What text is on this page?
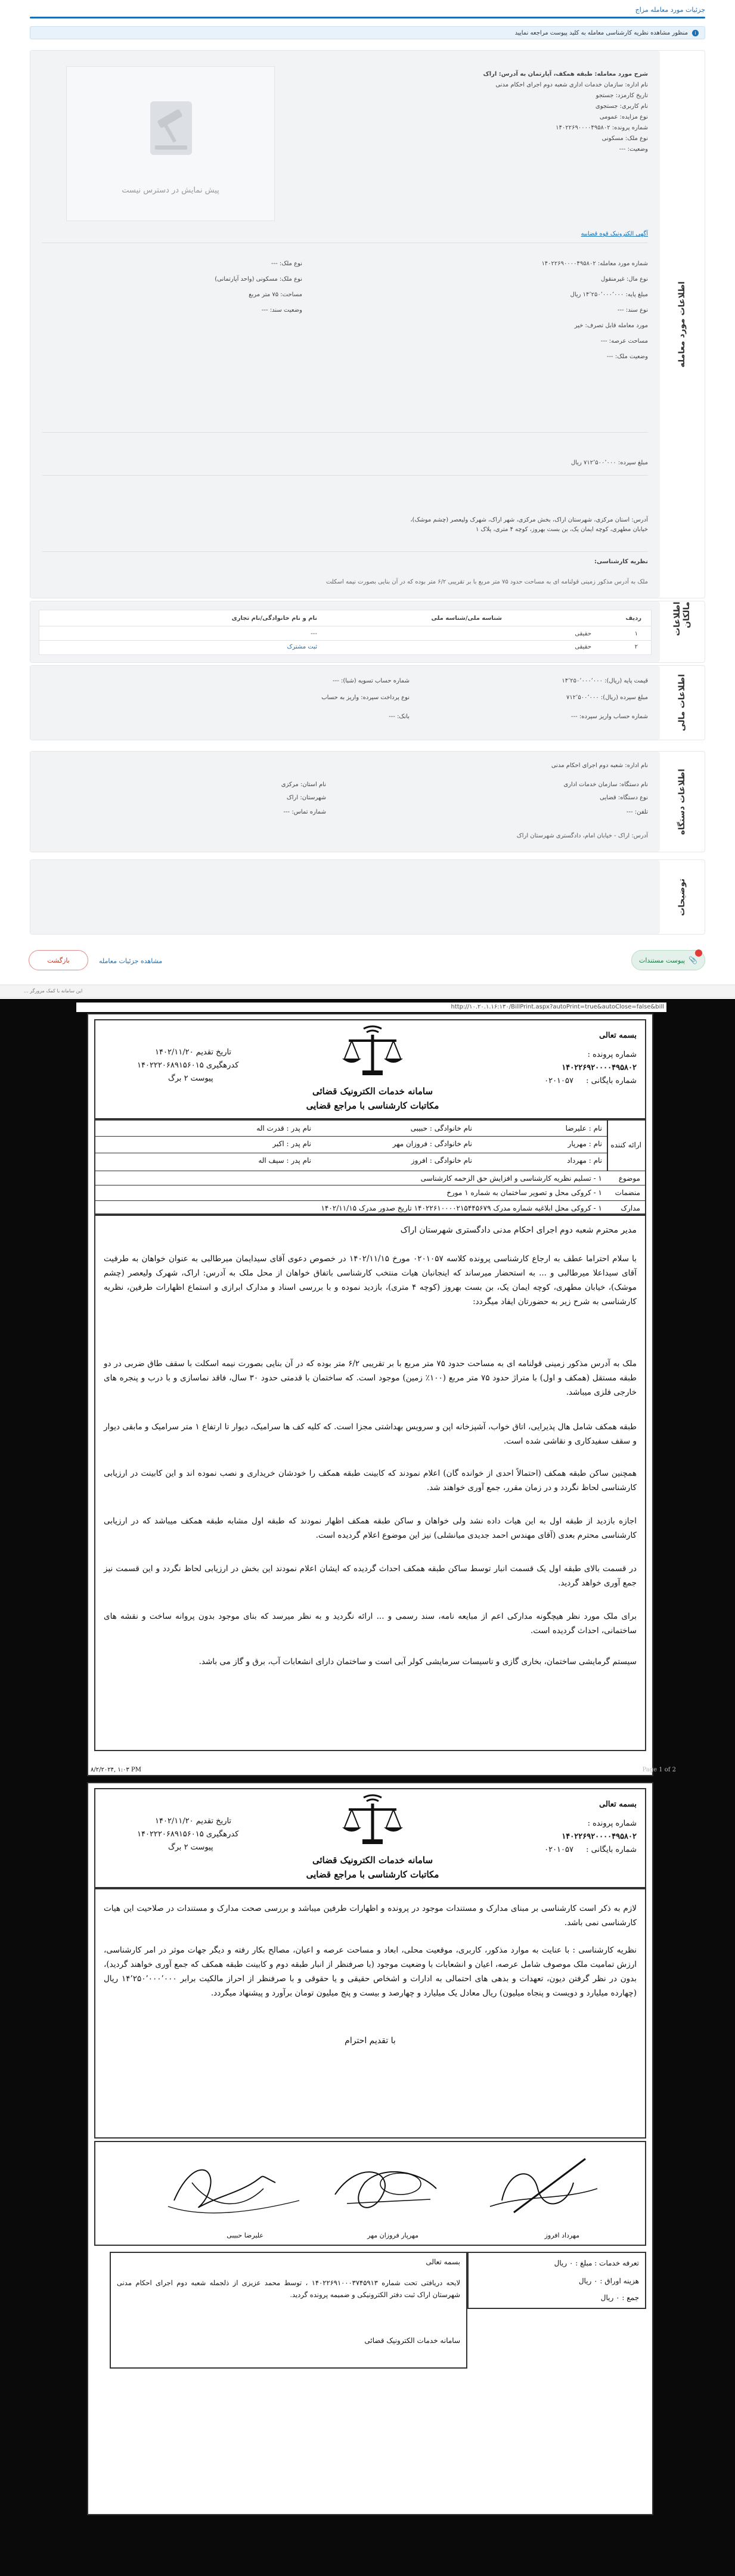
جزئیات مورد معامله مزاج
i
منظور مشاهده نظریه کارشناسی معامله به کلید پیوست مراجعه نمایید
اطلاعات مورد معامله
پیش نمایش در دسترس نیست
شرح مورد معامله: طبقه همکف، آپارتمان به آدرس: اراک
نام اداره: سازمان خدمات اداری شعبه دوم اجرای احکام مدنی
تاریخ کارمزد: جستجو
نام کاربری: جستجوی
نوع مزایده: عمومی
شماره پرونده: ۱۴۰۲۲۶۹۰۰۰۰۴۹۵۸۰۲
نوع ملک: مسکونی
وضعیت: ---
آگهی الکترونیک قوه قضاییه
شماره مورد معامله: ۱۴۰۲۲۶۹۰۰۰۰۴۹۵۸۰۲
نوع ملک: ---
نوع مال: غیرمنقول
نوع ملک: مسکونی (واحد آپارتمانی)
مبلغ پایه: ۱۴٬۲۵۰٬۰۰۰٬۰۰۰ ریال
مساحت: ۷۵ متر مربع
نوع سند: ---
وضعیت سند: ---
مورد معامله قابل تصرف: خیر
مساحت عرصه: ---
وضعیت ملک: ---
مبلغ سپرده: ۷۱۲٬۵۰۰٬۰۰۰ ریال
آدرس: استان مرکزی، شهرستان اراک، بخش مرکزی، شهر اراک، شهرک ولیعصر (چشم موشک)، خیابان مطهری، کوچه ایمان یک، بن بست بهروز، کوچه ۴ متری، پلاک ۱
نظریه کارشناسی:
ملک به آدرس مذکور زمینی قولنامه ای به مساحت حدود ۷۵ متر مربع با بر تقریبی ۶/۲ متر بوده که در آن بنایی بصورت نیمه اسکلت
اطلاعات مالکان
ردیف
شناسه ملی/شناسه ملی
نام و نام خانوادگی/نام تجاری
۱
حقیقی
---
۲
حقیقی
ثبت مشترک
اطلاعات مالی
قیمت پایه (ریال): ۱۴٬۲۵۰٬۰۰۰٬۰۰۰
مبلغ سپرده (ریال): ۷۱۲٬۵۰۰٬۰۰۰
شماره حساب واریز سپرده: ---
شماره حساب تسویه (شبا): ---
نوع پرداخت سپرده: واریز به حساب
بانک: ---
اطلاعات دستگاه
نام اداره: شعبه دوم اجرای احکام مدنی
نام دستگاه: سازمان خدمات اداری
نوع دستگاه: قضایی
تلفن: ---
نام استان: مرکزی
شهرستان: اراک
شماره تماس: ---
آدرس: اراک - خیابان امام، دادگستری شهرستان اراک
توضیحات
📎
پیوست مستندات
بازگشت	مشاهده جزئیات معامله
این سامانه با کمک مرورگر ...
http://۱۰.۲۰.۱.۱۶:۱۳۰/BillPrint.aspx?autoPrint=true&autoClose=false&bill
بسمه تعالی
شماره پرونده :
۱۴۰۲۲۶۹۲۰۰۰۰۴۹۵۸۰۲
شماره بایگانی :
۰۲۰۱۰۵۷
سامانه خدمات الکترونیک قضائی
مکاتبات کارشناسی با مراجع قضایی
تاریخ تقدیم ۱۴۰۲/۱۱/۲۰
کدرهگیری ۱۴۰۲۲۲۰۶۸۹۱۵۶۰۱۵
پیوست ۲ برگ
ارائه کننده
نام : علیرضا
نام خانوادگی : حبیبی
نام پدر : قدرت اله
نام : مهرپار
نام خانوادگی : فروزان مهر
نام پدر : اکبر
نام : مهرداد
نام خانوادگی : افروز
نام پدر : سیف اله
موضوع
۱ - تسلیم نظریه کارشناسی و افزایش حق الزحمه کارشناسی
منضمات
۱ - کروکی محل و تصویر ساختمان به شماره ۱ مورخ
مدارک
۱ - کروکی محل ابلاغیه شماره مدرک ۱۴۰۲۲۶۱۰۰۰۰۲۱۵۴۴۵۶۷۹ تاریخ صدور مدرک ۱۴۰۲/۱۱/۱۵
مدیر محترم شعبه دوم اجرای احکام مدنی دادگستری شهرستان اراک
با سلام احتراما عطف به ارجاع کارشناسی پرونده کلاسه ۰۲۰۱۰۵۷ مورخ ۱۴۰۲/۱۱/۱۵ در خصوص دعوی آقای سیدایمان میرطالبی به عنوان خواهان به طرفیت آقای سیداعلا میرطالبی و ... به استحضار میرساند که اینجانبان هیات منتخب کارشناسی باتفاق خواهان از محل ملک به آدرس: اراک، شهرک ولیعصر (چشم موشک)، خیابان مطهری، کوچه ایمان یک، بن بست بهروز (کوچه ۴ متری)، بازدید نموده و با بررسی اسناد و مدارک ابرازی و استماع اظهارات طرفین، نظریه کارشناسی به شرح زیر به حضورتان ایفاد میگردد:
ملک به آدرس مذکور زمینی قولنامه ای به مساحت حدود ۷۵ متر مربع با بر تقریبی ۶/۲ متر بوده که در آن بنایی بصورت نیمه اسکلت با سقف طاق ضربی در دو طبقه مستقل (همکف و اول) با متراژ حدود ۷۵ متر مربع (۱۰۰٪ زمین) موجود است. که ساختمان با قدمتی حدود ۳۰ سال، فاقد نماسازی و با درب و پنجره های خارجی فلزی میباشد.
طبقه همکف شامل هال پذیرایی، اتاق خواب، آشپزخانه اپن و سرویس بهداشتی مجزا است. که کلیه کف ها سرامیک، دیوار تا ارتفاع ۱ متر سرامیک و مابقی دیوار و سقف سفیدکاری و نقاشی شده است.
همچنین ساکن طبقه همکف (احتمالاً احدی از خوانده گان) اعلام نمودند که کابینت طبقه همکف را خودشان خریداری و نصب نموده اند و این کابینت در ارزیابی کارشناسی لحاظ نگردد و در زمان مقرر، جمع آوری خواهند شد.
اجازه بازدید از طبقه اول به این هیات داده نشد ولی خواهان و ساکن طبقه همکف اظهار نمودند که طبقه اول مشابه طبقه همکف میباشد که در ارزیابی کارشناسی محترم بعدی (آقای مهندس احمد جدیدی میانشلی) نیز این موضوع اعلام گردیده است.
در قسمت بالای طبقه اول یک قسمت انبار توسط ساکن طبقه همکف احداث گردیده که ایشان اعلام نمودند این بخش در ارزیابی لحاظ نگردد و این قسمت نیز جمع آوری خواهد گردید.
برای ملک مورد نظر هیچگونه مدارکی اعم از مبایعه نامه، سند رسمی و ... ارائه نگردید و به نظر میرسد که بنای موجود بدون پروانه ساخت و نقشه های ساختمانی، احداث گردیده است.
سیستم گرمایشی ساختمان، بخاری گازی و تاسیسات سرمایشی کولر آبی است و ساختمان دارای انشعابات آب، برق و گاز می باشد.
۸/۲/۲۰۲۴, ۱:۰۳ PM	Page 1 of 2
بسمه تعالی
شماره پرونده :
۱۴۰۲۲۶۹۲۰۰۰۰۴۹۵۸۰۲
شماره بایگانی :
۰۲۰۱۰۵۷
سامانه خدمات الکترونیک قضائی
مکاتبات کارشناسی با مراجع قضایی
تاریخ تقدیم ۱۴۰۲/۱۱/۲۰
کدرهگیری ۱۴۰۲۲۲۰۶۸۹۱۵۶۰۱۵
پیوست ۲ برگ
لازم به ذکر است کارشناسی بر مبنای مدارک و مستندات موجود در پرونده و اظهارات طرفین میباشد و بررسی صحت مدارک و مستندات در صلاحیت این هیات کارشناسی نمی باشد.
نظریه کارشناسی : با عنایت به موارد مذکور، کاربری، موقعیت محلی، ابعاد و مساحت عرصه و اعیان، مصالح بکار رفته و دیگر جهات موثر در امر کارشناسی، ارزش تمامیت ملک موصوف شامل عرصه، اعیان و انشعابات با وضعیت موجود (با صرفنظر از انبار طبقه دوم و کابینت طبقه همکف که جمع آوری خواهند گردید)، بدون در نظر گرفتن دیون، تعهدات و بدهی های احتمالی به ادارات و اشخاص حقیقی و یا حقوقی و با صرفنظر از احراز مالکیت برابر ۱۴٬۲۵۰٬۰۰۰٬۰۰۰ ریال (چهارده میلیارد و دویست و پنجاه میلیون) ریال معادل یک میلیارد و چهارصد و بیست و پنج میلیون تومان برآورد و پیشنهاد میگردد.
با تقدیم احترام
مهرداد افروز
مهرپار فروزان مهر
علیرضا حبیبی
تعرفه خدمات : مبلغ : ۰ ریال
هزینه اوراق : ۰ ریال
جمع : ۰ ریال
بسمه تعالی
لایحه دریافتی تحت شماره ۱۴۰۲۲۶۹۱۰۰۰۳۷۴۵۹۱۳ ، توسط محمد عزیزی از ذلجمله شعبه دوم اجرای احکام مدنی شهرستان اراک ثبت دفتر الکترونیکی و ضمیمه پرونده گردید.
سامانه خدمات الکترونیک قضائی
